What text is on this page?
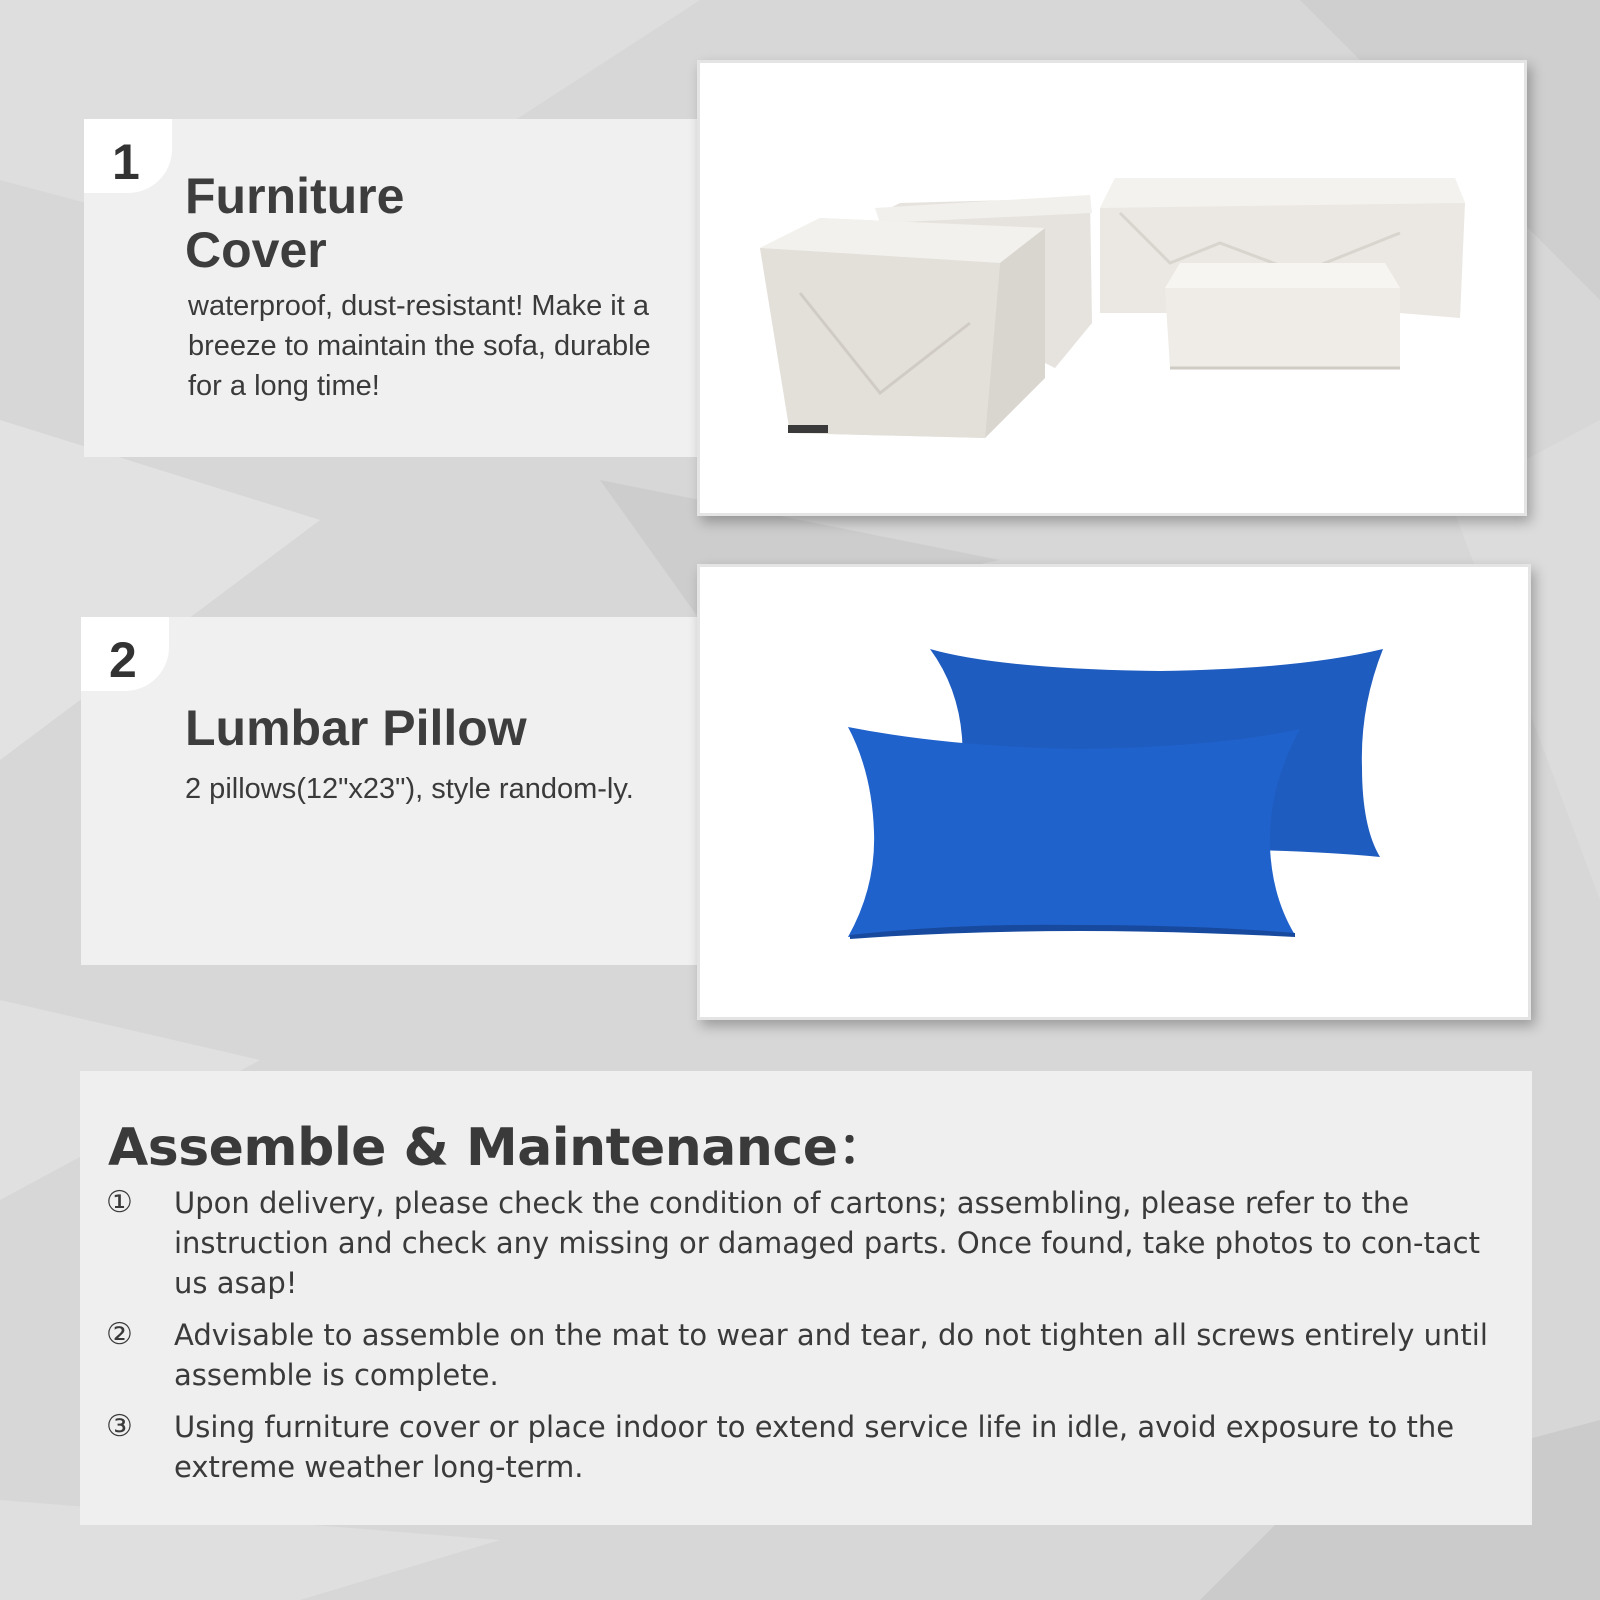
1
Furniture
Cover
waterproof, dust-resistant! Make it a breeze to maintain the sofa, durable for a long time!
2
Lumbar Pillow
2 pillows(12"x23"), style random-ly.
Assemble & Maintenance：
① Upon delivery, please check the condition of cartons; assembling, please refer to the instruction and check any missing or damaged parts. Once found, take photos to con-tact us asap!
② Advisable to assemble on the mat to wear and tear, do not tighten all screws entirely until assemble is complete.
③ Using furniture cover or place indoor to extend service life in idle, avoid exposure to the extreme weather long-term.
